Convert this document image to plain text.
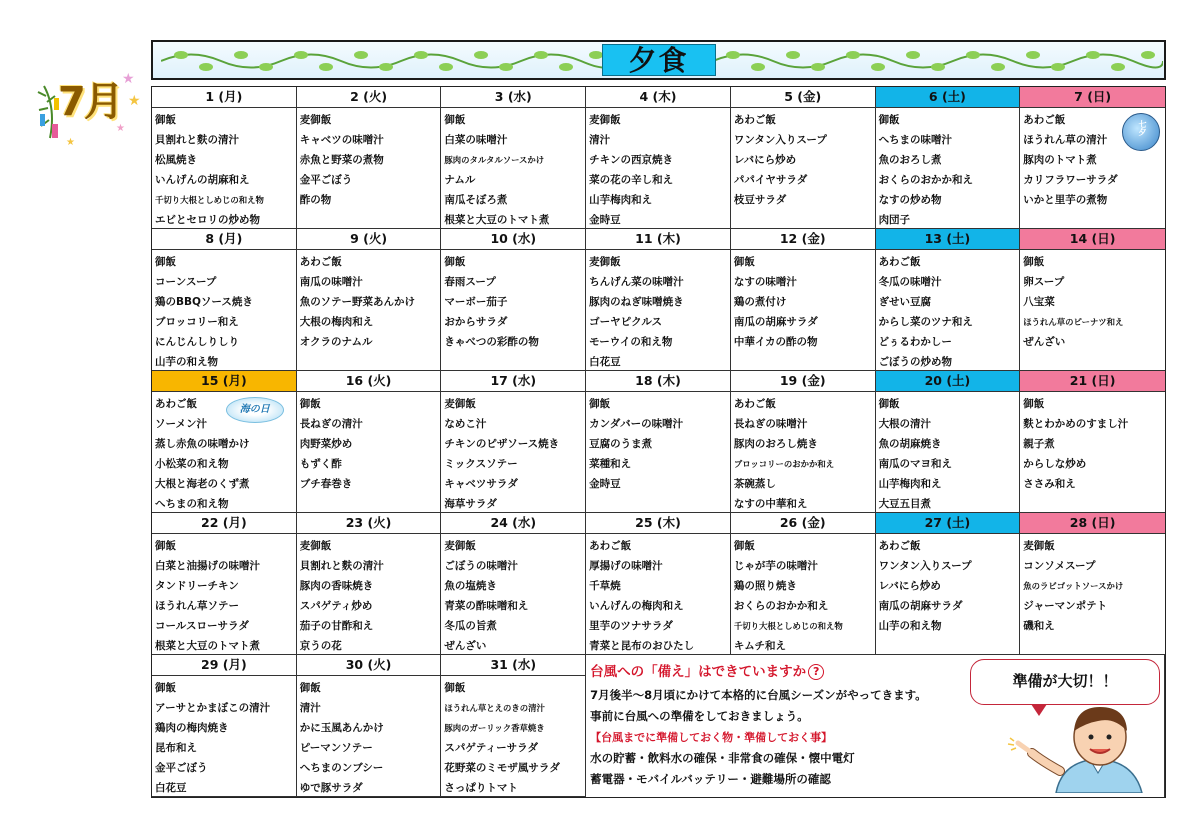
7月 ★
★
★
★
夕食
1 (月)
御飯
貝割れと麩の清汁
松風焼き
いんげんの胡麻和え
千切り大根としめじの和え物
エビとセロリの炒め物
2 (火)
麦御飯
キャベツの味噌汁
赤魚と野菜の煮物
金平ごぼう
酢の物
3 (水)
御飯
白菜の味噌汁
豚肉のタルタルソースかけ
ナムル
南瓜そぼろ煮
根菜と大豆のトマト煮
4 (木)
麦御飯
清汁
チキンの西京焼き
菜の花の辛し和え
山芋梅肉和え
金時豆
5 (金)
あわご飯
ワンタン入りスープ
レバにら炒め
パパイヤサラダ
枝豆サラダ
6 (土)
御飯
へちまの味噌汁
魚のおろし煮
おくらのおかか和え
なすの炒め物
肉団子
7 (日)
あわご飯
ほうれん草の清汁
豚肉のトマト煮
カリフラワーサラダ
いかと里芋の煮物
七夕
8 (月)
御飯
コーンスープ
鶏のBBQソース焼き
ブロッコリー和え
にんじんしりしり
山芋の和え物
9 (火)
あわご飯
南瓜の味噌汁
魚のソテー野菜あんかけ
大根の梅肉和え
オクラのナムル
10 (水)
御飯
春雨スープ
マーボー茄子
おからサラダ
きゃべつの彩酢の物
11 (木)
麦御飯
ちんげん菜の味噌汁
豚肉のねぎ味噌焼き
ゴーヤピクルス
モーウイの和え物
白花豆
12 (金)
御飯
なすの味噌汁
鶏の煮付け
南瓜の胡麻サラダ
中華イカの酢の物
13 (土)
あわご飯
冬瓜の味噌汁
ぎせい豆腐
からし菜のツナ和え
どぅるわかしー
ごぼうの炒め物
14 (日)
御飯
卵スープ
八宝菜
ほうれん草のピーナツ和え
ぜんざい
15 (月)
あわご飯
ソーメン汁
蒸し赤魚の味噌かけ
小松菜の和え物
大根と海老のくず煮
へちまの和え物
海の日
16 (火)
御飯
長ねぎの清汁
肉野菜炒め
もずく酢
ブチ春巻き
17 (水)
麦御飯
なめこ汁
チキンのピザソース焼き
ミックスソテー
キャベツサラダ
海草サラダ
18 (木)
御飯
カンダバーの味噌汁
豆腐のうま煮
菜種和え
金時豆
19 (金)
あわご飯
長ねぎの味噌汁
豚肉のおろし焼き
ブロッコリーのおかか和え
茶碗蒸し
なすの中華和え
20 (土)
御飯
大根の清汁
魚の胡麻焼き
南瓜のマヨ和え
山芋梅肉和え
大豆五目煮
21 (日)
御飯
麩とわかめのすまし汁
親子煮
からしな炒め
ささみ和え
22 (月)
御飯
白菜と油揚げの味噌汁
タンドリーチキン
ほうれん草ソテー
コールスローサラダ
根菜と大豆のトマト煮
23 (火)
麦御飯
貝割れと麩の清汁
豚肉の香味焼き
スパゲティ炒め
茄子の甘酢和え
京うの花
24 (水)
麦御飯
ごぼうの味噌汁
魚の塩焼き
青菜の酢味噌和え
冬瓜の旨煮
ぜんざい
25 (木)
あわご飯
厚揚げの味噌汁
千草焼
いんげんの梅肉和え
里芋のツナサラダ
青菜と昆布のおひたし
26 (金)
御飯
じゃが芋の味噌汁
鶏の照り焼き
おくらのおかか和え
千切り大根としめじの和え物
キムチ和え
27 (土)
あわご飯
ワンタン入りスープ
レバにら炒め
南瓜の胡麻サラダ
山芋の和え物
28 (日)
麦御飯
コンソメスープ
魚のラビゴットソースかけ
ジャーマンポテト
磯和え
29 (月)
御飯
アーサとかまぼこの清汁
鶏肉の梅肉焼き
昆布和え
金平ごぼう
白花豆
30 (火)
御飯
清汁
かに玉風あんかけ
ピーマンソテー
へちまのンブシー
ゆで豚サラダ
31 (水)
御飯
ほうれん草とえのきの清汁
豚肉のガーリック香草焼き
スパゲティーサラダ
花野菜のミモザ風サラダ
さっぱりトマト
台風への「備え」はできていますか ?
7月後半～8月頃にかけて本格的に台風シーズンがやってきます。
事前に台風への準備をしておきましょう。
【台風までに準備しておく物・準備しておく事】
水の貯蓄・飲料水の確保・非常食の確保・懐中電灯
蓄電器・モバイルバッテリー・避難場所の確認
準備が大切！！
